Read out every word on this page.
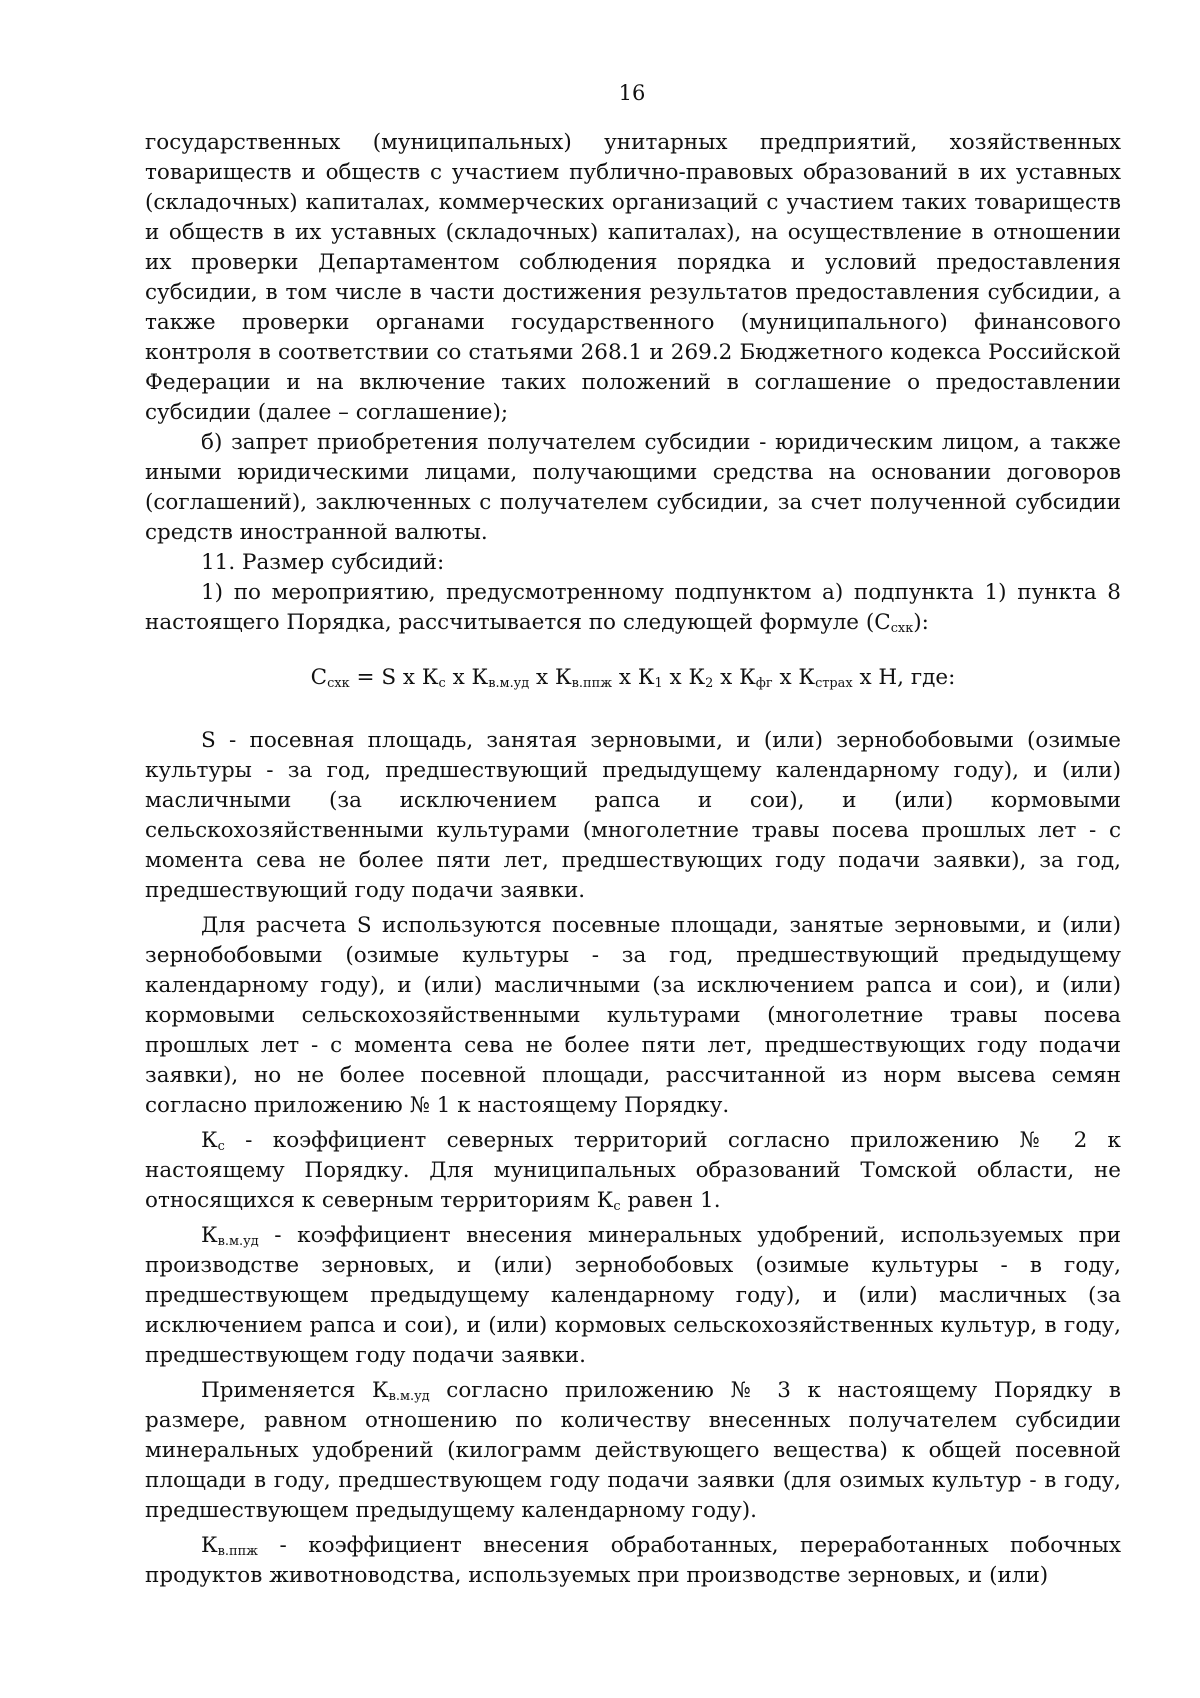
16

государственных (муниципальных) унитарных предприятий, хозяйственных товариществ и обществ с участием публично-правовых образований в их уставных (складочных) капиталах, коммерческих организаций с участием таких товариществ и обществ в их уставных (складочных) капиталах), на осуществление в отношении их проверки Департаментом соблюдения порядка и условий предоставления субсидии, в том числе в части достижения результатов предоставления субсидии, а также проверки органами государственного (муниципального) финансового контроля в соответствии со статьями 268.1 и 269.2 Бюджетного кодекса Российской Федерации и на включение таких положений в соглашение о предоставлении субсидии (далее – соглашение);

б) запрет приобретения получателем субсидии - юридическим лицом, а также иными юридическими лицами, получающими средства на основании договоров (соглашений), заключенных с получателем субсидии, за счет полученной субсидии средств иностранной валюты.

11. Размер субсидий:

1) по мероприятию, предусмотренному подпунктом а) подпункта 1) пункта 8 настоящего Порядка, рассчитывается по следующей формуле $(С_{схк})$:

$С_{схк} = S$ x $К_с$ x $К_{в.м.уд}$ x $К_{в.ппж}$ x $К_1$ x $К_2$ x $К_{фг}$ x $К_{страх}$ x Н, где:

S - посевная площадь, занятая зерновыми, и (или) зернобобовыми (озимые культуры - за год, предшествующий предыдущему календарному году), и (или) масличными (за исключением рапса и сои), и (или) кормовыми сельскохозяйственными культурами (многолетние травы посева прошлых лет - с момента сева не более пяти лет, предшествующих году подачи заявки), за год, предшествующий году подачи заявки.

Для расчета S используются посевные площади, занятые зерновыми, и (или) зернобобовыми (озимые культуры - за год, предшествующий предыдущему календарному году), и (или) масличными (за исключением рапса и сои), и (или) кормовыми сельскохозяйственными культурами (многолетние травы посева прошлых лет - с момента сева не более пяти лет, предшествующих году подачи заявки), но не более посевной площади, рассчитанной из норм высева семян согласно приложению № 1 к настоящему Порядку.

$К_с$ - коэффициент северных территорий согласно приложению № 2 к настоящему Порядку. Для муниципальных образований Томской области, не относящихся к северным территориям $К_с$ равен 1.

$К_{в.м.уд}$ - коэффициент внесения минеральных удобрений, используемых при производстве зерновых, и (или) зернобобовых (озимые культуры - в году, предшествующем предыдущему календарному году), и (или) масличных (за исключением рапса и сои), и (или) кормовых сельскохозяйственных культур, в году, предшествующем году подачи заявки.

Применяется $К_{в.м.уд}$ согласно приложению № 3 к настоящему Порядку в размере, равном отношению по количеству внесенных получателем субсидии минеральных удобрений (килограмм действующего вещества) к общей посевной площади в году, предшествующем году подачи заявки (для озимых культур - в году, предшествующем предыдущему календарному году).

$К_{в.ппж}$ - коэффициент внесения обработанных, переработанных побочных продуктов животноводства, используемых при производстве зерновых, и (или)
